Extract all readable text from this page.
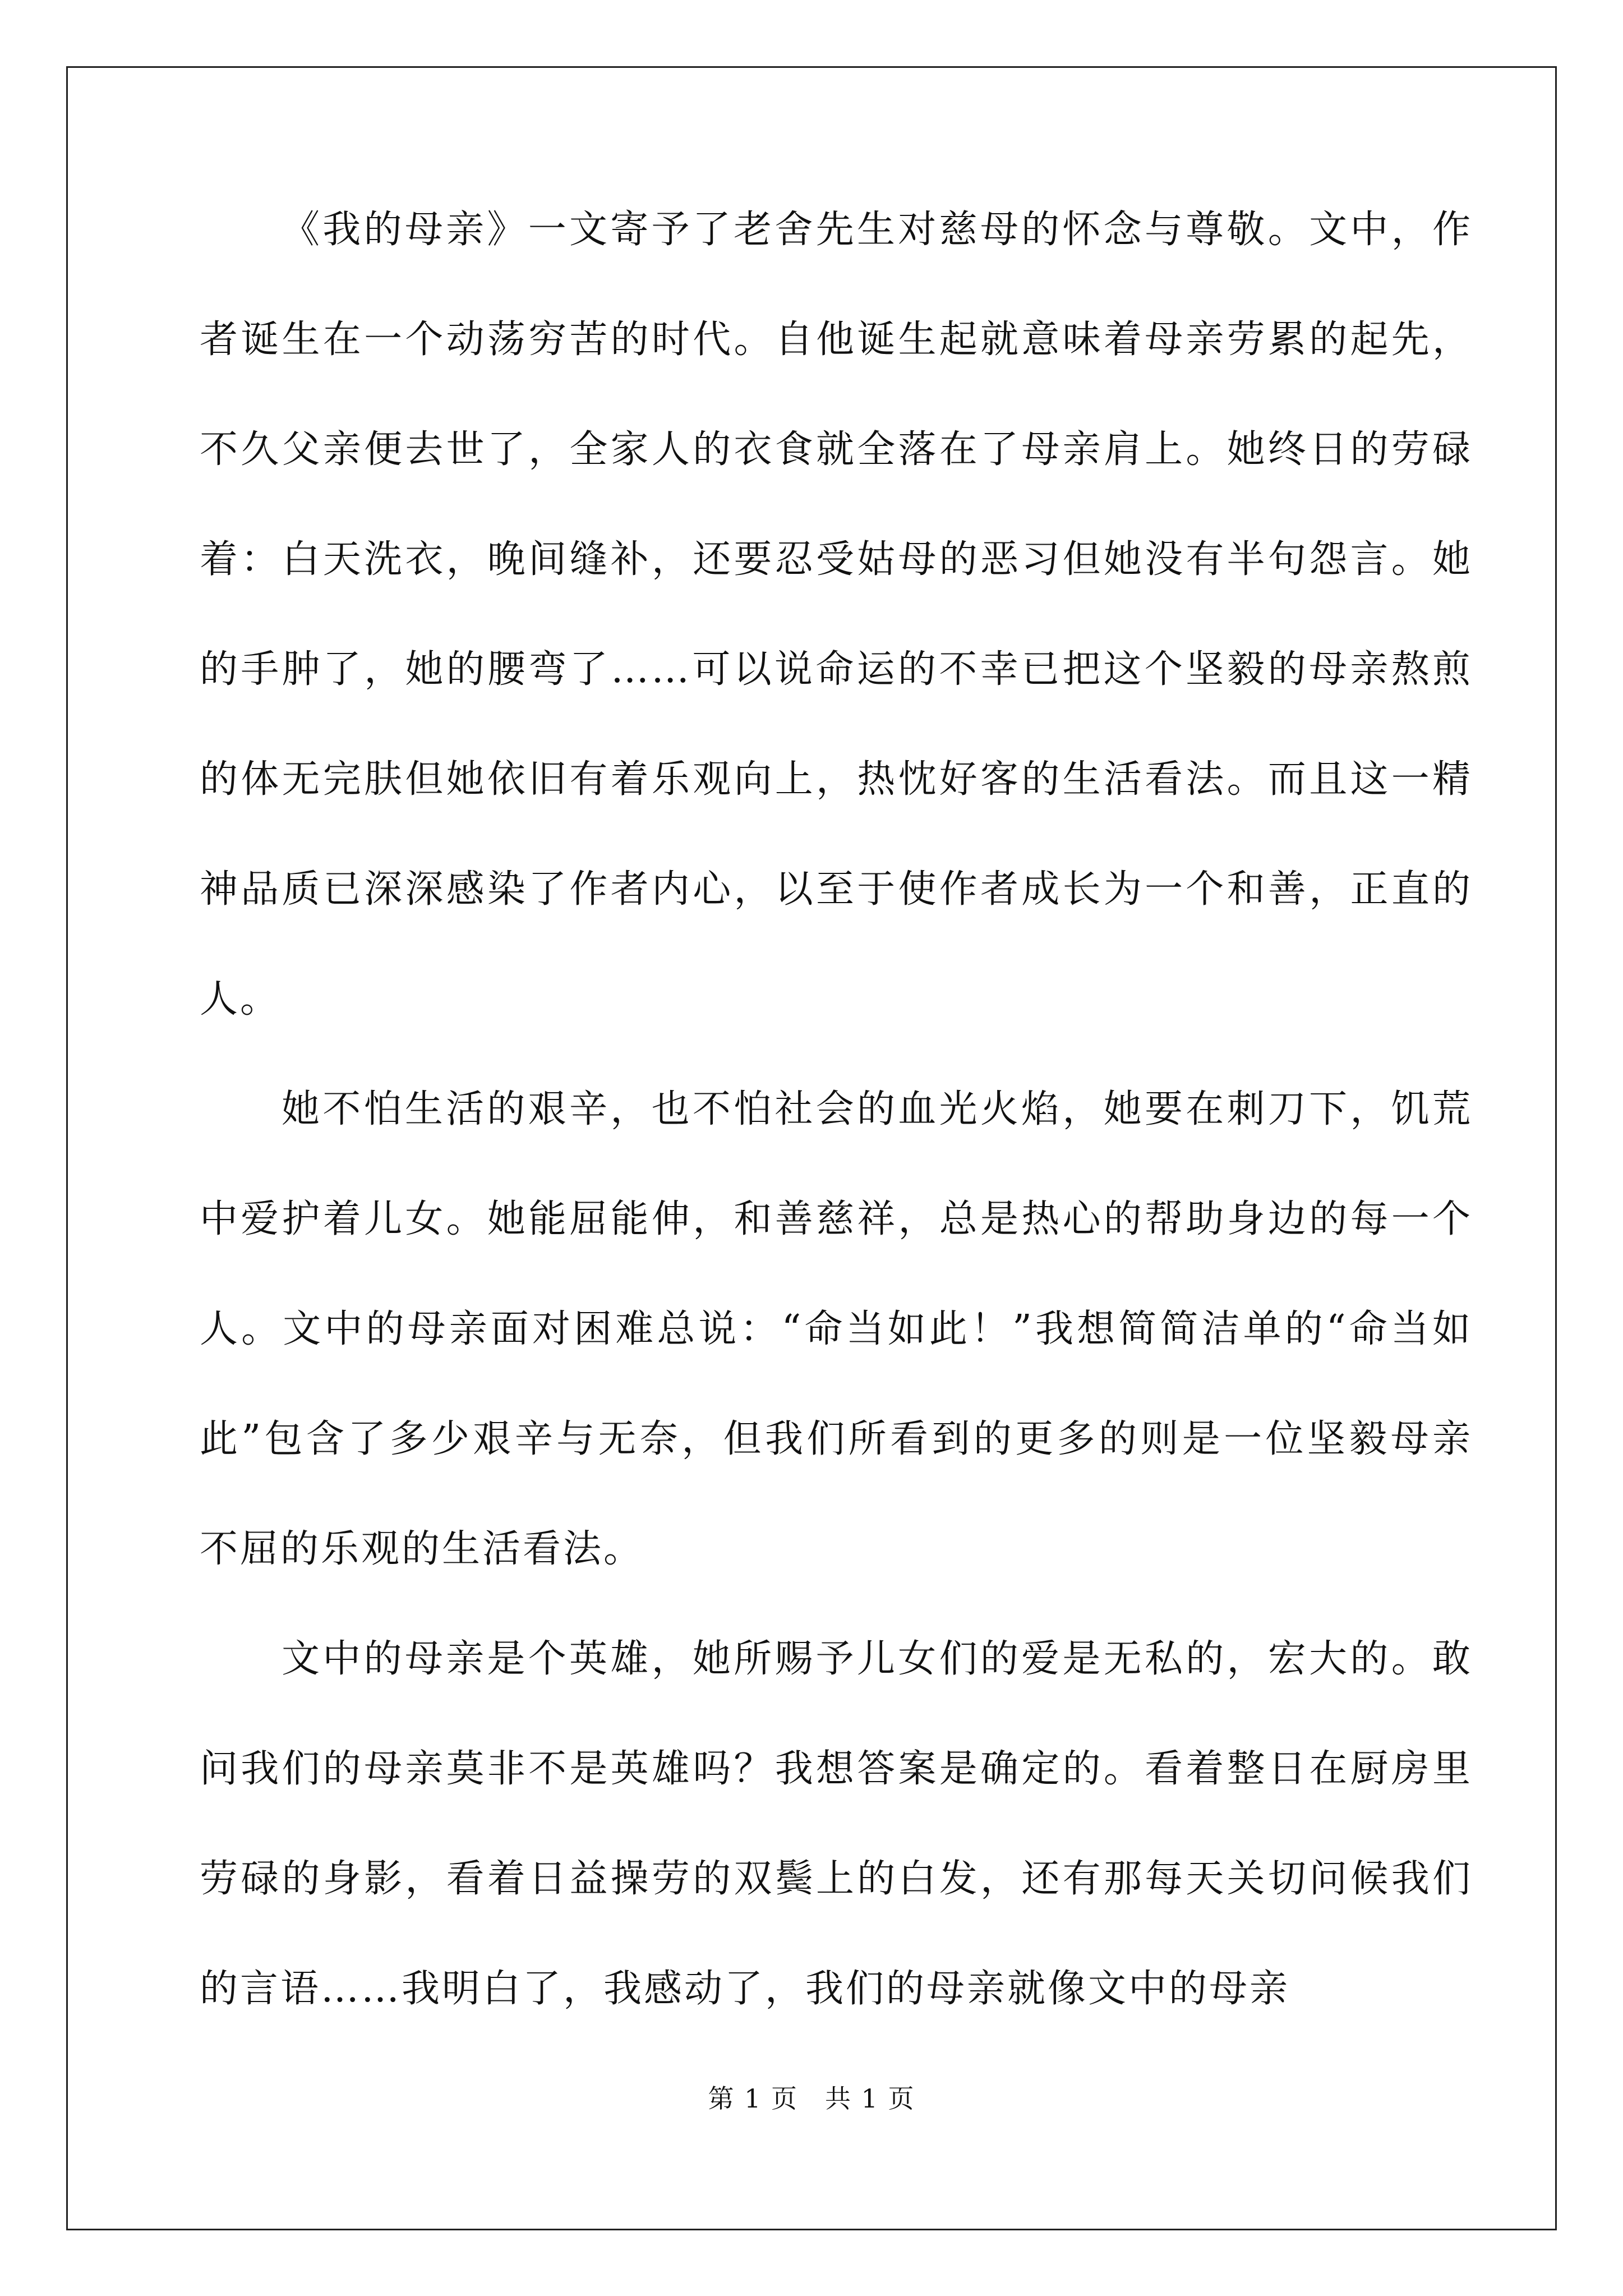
《我的母亲》一文寄予了老舍先生对慈母的怀念与尊敬。文中，作者诞生在一个动荡穷苦的时代。自他诞生起就意味着母亲劳累的起先，不久父亲便去世了，全家人的衣食就全落在了母亲肩上。她终日的劳碌着：白天洗衣，晚间缝补，还要忍受姑母的恶习但她没有半句怨言。她的手肿了，她的腰弯了……可以说命运的不幸已把这个坚毅的母亲熬煎的体无完肤但她依旧有着乐观向上，热忱好客的生活看法。而且这一精神品质已深深感染了作者内心，以至于使作者成长为一个和善，正直的人。

她不怕生活的艰辛，也不怕社会的血光火焰，她要在刺刀下，饥荒中爱护着儿女。她能屈能伸，和善慈祥，总是热心的帮助身边的每一个人。文中的母亲面对困难总说：“命当如此！”我想简简洁单的“命当如此”包含了多少艰辛与无奈，但我们所看到的更多的则是一位坚毅母亲不屈的乐观的生活看法。

文中的母亲是个英雄，她所赐予儿女们的爱是无私的，宏大的。敢问我们的母亲莫非不是英雄吗？我想答案是确定的。看着整日在厨房里劳碌的身影，看着日益操劳的双鬓上的白发，还有那每天关切问候我们的言语……我明白了，我感动了，我们的母亲就像文中的母亲

第 1 页　共 1 页
